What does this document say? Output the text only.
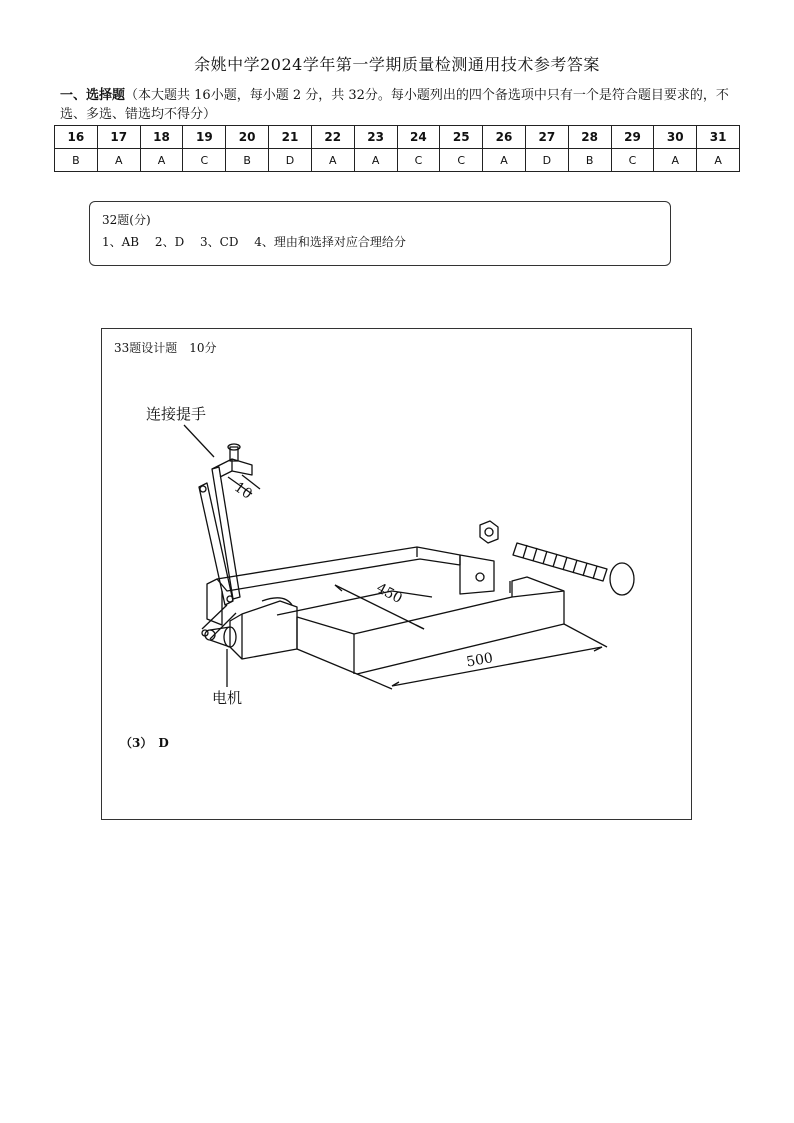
余姚中学2024学年第一学期质量检测通用技术参考答案
一、选择题（本大题共 16小题，每小题 2 分，共 32分。每小题列出的四个备选项中只有一个是符合题目要求的，不选、多选、错选均不得分）
16	17	18	19	20	21	22	23	24	25	26	27	28	29	30	31
B	A	A	C	B	D	A	A	C	C	A	D	B	C	A	A
32题(分)
1、AB　 2、D　 3、CD　 4、理由和选择对应合理给分
33题设计题　10分
连接提手
电机
10
450
500
（3）　D
